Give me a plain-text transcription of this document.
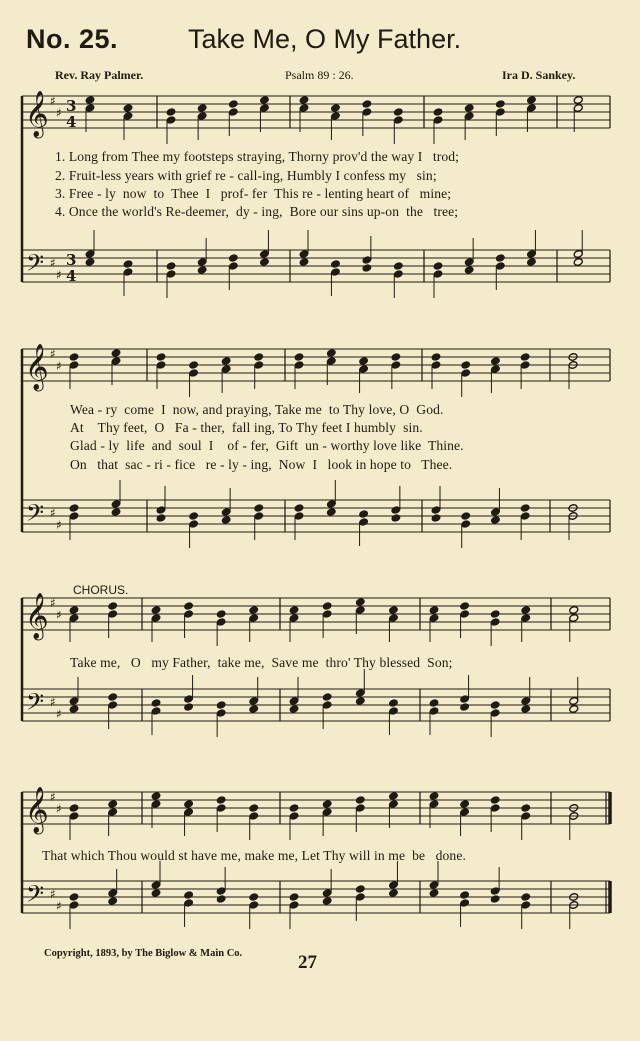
No. 25.	Take Me, O My Father.
Rev. Ray Palmer.	Psalm 89 : 26.	Ira D. Sankey.
𝄞
𝄢
♯
♯
♯
♯
3
4
3
4
𝄞
𝄢
♯
♯
♯
♯
𝄞
𝄢
♯
♯
♯
♯
𝄞
𝄢
♯
♯
♯
♯
1. Long from Thee my footsteps straying, Thorny prov'd the way I   trod;
2. Fruit-less years with grief re - call-ing, Humbly I confess my   sin;
3. Free - ly  now  to  Thee  I   prof- fer  This re - lenting heart of   mine;
4. Once the world's Re-deemer,  dy - ing,  Bore our sins up-on  the   tree;
Wea - ry  come  I  now, and praying, Take me  to Thy love, O  God.
At    Thy feet,  O   Fa - ther,  fall ing, To Thy feet I humbly  sin.
Glad - ly  life  and  soul  I    of - fer,  Gift  un - worthy love like  Thine.
On   that  sac - ri - fice   re - ly - ing,  Now  I   look in hope to   Thee.
CHORUS.
Take me,   O   my Father,  take me,  Save me  thro' Thy blessed  Son;
That which Thou would st have me, make me, Let Thy will in me  be   done.
Copyright, 1893, by The Biglow & Main Co.	27
